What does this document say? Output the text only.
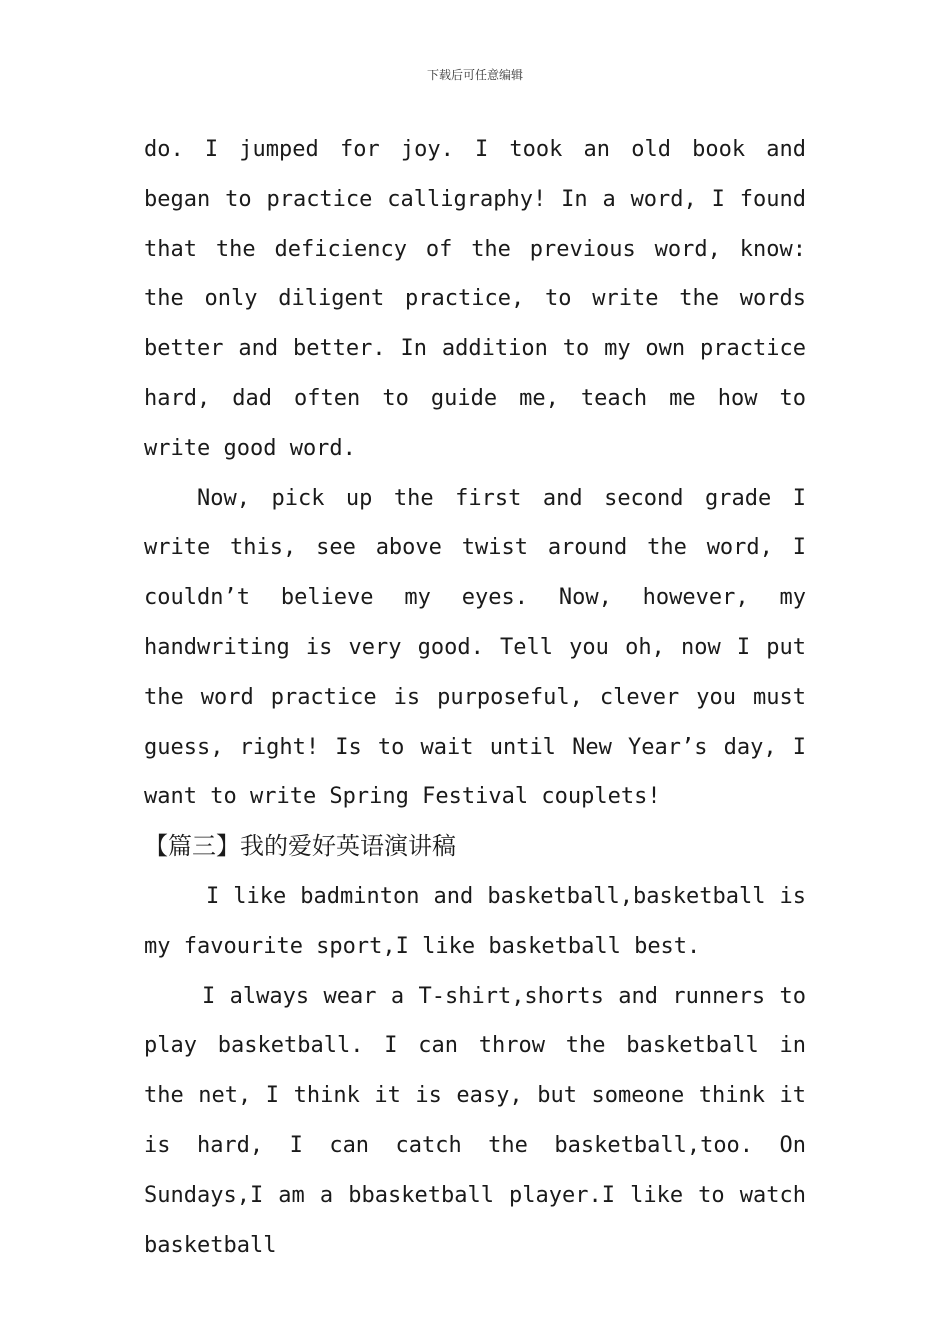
下载后可任意编辑

do. I jumped for joy. I took an old book and began to practice calligraphy! In a word, I found that the deficiency of the previous word, know: the only diligent practice, to write the words better and better. In addition to my own practice hard, dad often to guide me, teach me how to write good word.

Now, pick up the first and second grade I write this, see above twist around the word, I couldn’t believe my eyes. Now, however, my handwriting is very good. Tell you oh, now I put the word practice is purposeful, clever you must guess, right! Is to wait until New Year’s day, I want to write Spring Festival couplets!

【篇三】我的爱好英语演讲稿

I like badminton and basketball,basketball is my favourite sport,I like basketball best.

I always wear a T-shirt,shorts and runners to play basketball. I can throw the basketball in the net, I think it is easy, but someone think it is hard, I can catch the basketball,too. On Sundays,I am a bbasketball player.I like to watch basketball
